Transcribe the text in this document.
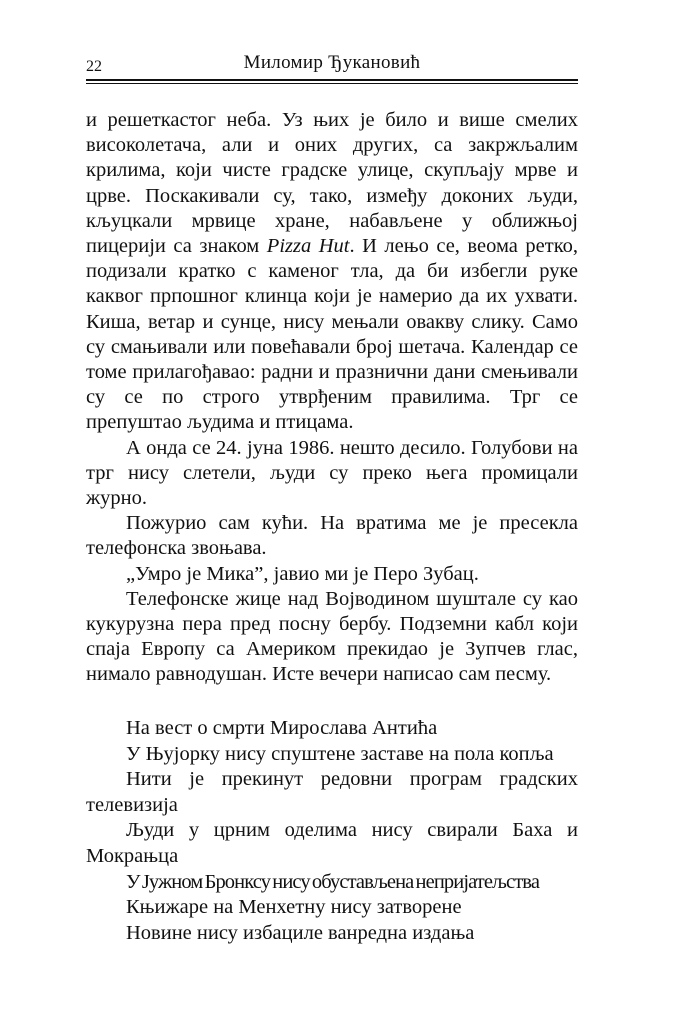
22	Миломир Ђукановић

и решеткастог неба. Уз њих је било и више смелих високолетача, али и оних других, са закржљалим крилима, који чисте градске улице, скупљају мрве и црве. Поскакивали су, тако, између доконих људи, кљуцкали мрвице хране, набављене у оближњој пицерији са знаком Pizza Hut. И лењо се, веома ретко, подизали кратко с каменог тла, да би избегли руке каквог прпошног клинца који је намерио да их ухвати. Киша, ветар и сунце, нису мењали овакву слику. Само су смањивали или повећавали број шетача. Календар се томе прилагођавао: радни и празнични дани смењивали су се по строго утврђеним правилима. Трг се препуштао људима и птицама.

А онда се 24. јуна 1986. нешто десило. Голубови на трг нису слетели, људи су преко њега промицали журно.

Пожурио сам кући. На вратима ме је пресекла телефонска звоњава.

„Умро је Мика”, јавио ми је Перо Зубац.

Телефонске жице над Војводином шуштале су као кукурузна пера пред посну бербу. Подземни кабл који спаја Европу са Америком прекидао је Зупчев глас, нимало равнодушан. Исте вечери написао сам песму.

На вест о смрти Мирослава Антића

У Њујорку нису спуштене заставе на пола копља

Нити је прекинут редовни програм градских телевизија

Људи у црним оделима нису свирали Баха и Мокрањца

У Јужном Бронксу нису обустављена непријатељства

Књижаре на Менхетну нису затворене

Новине нису избациле ванредна издања
